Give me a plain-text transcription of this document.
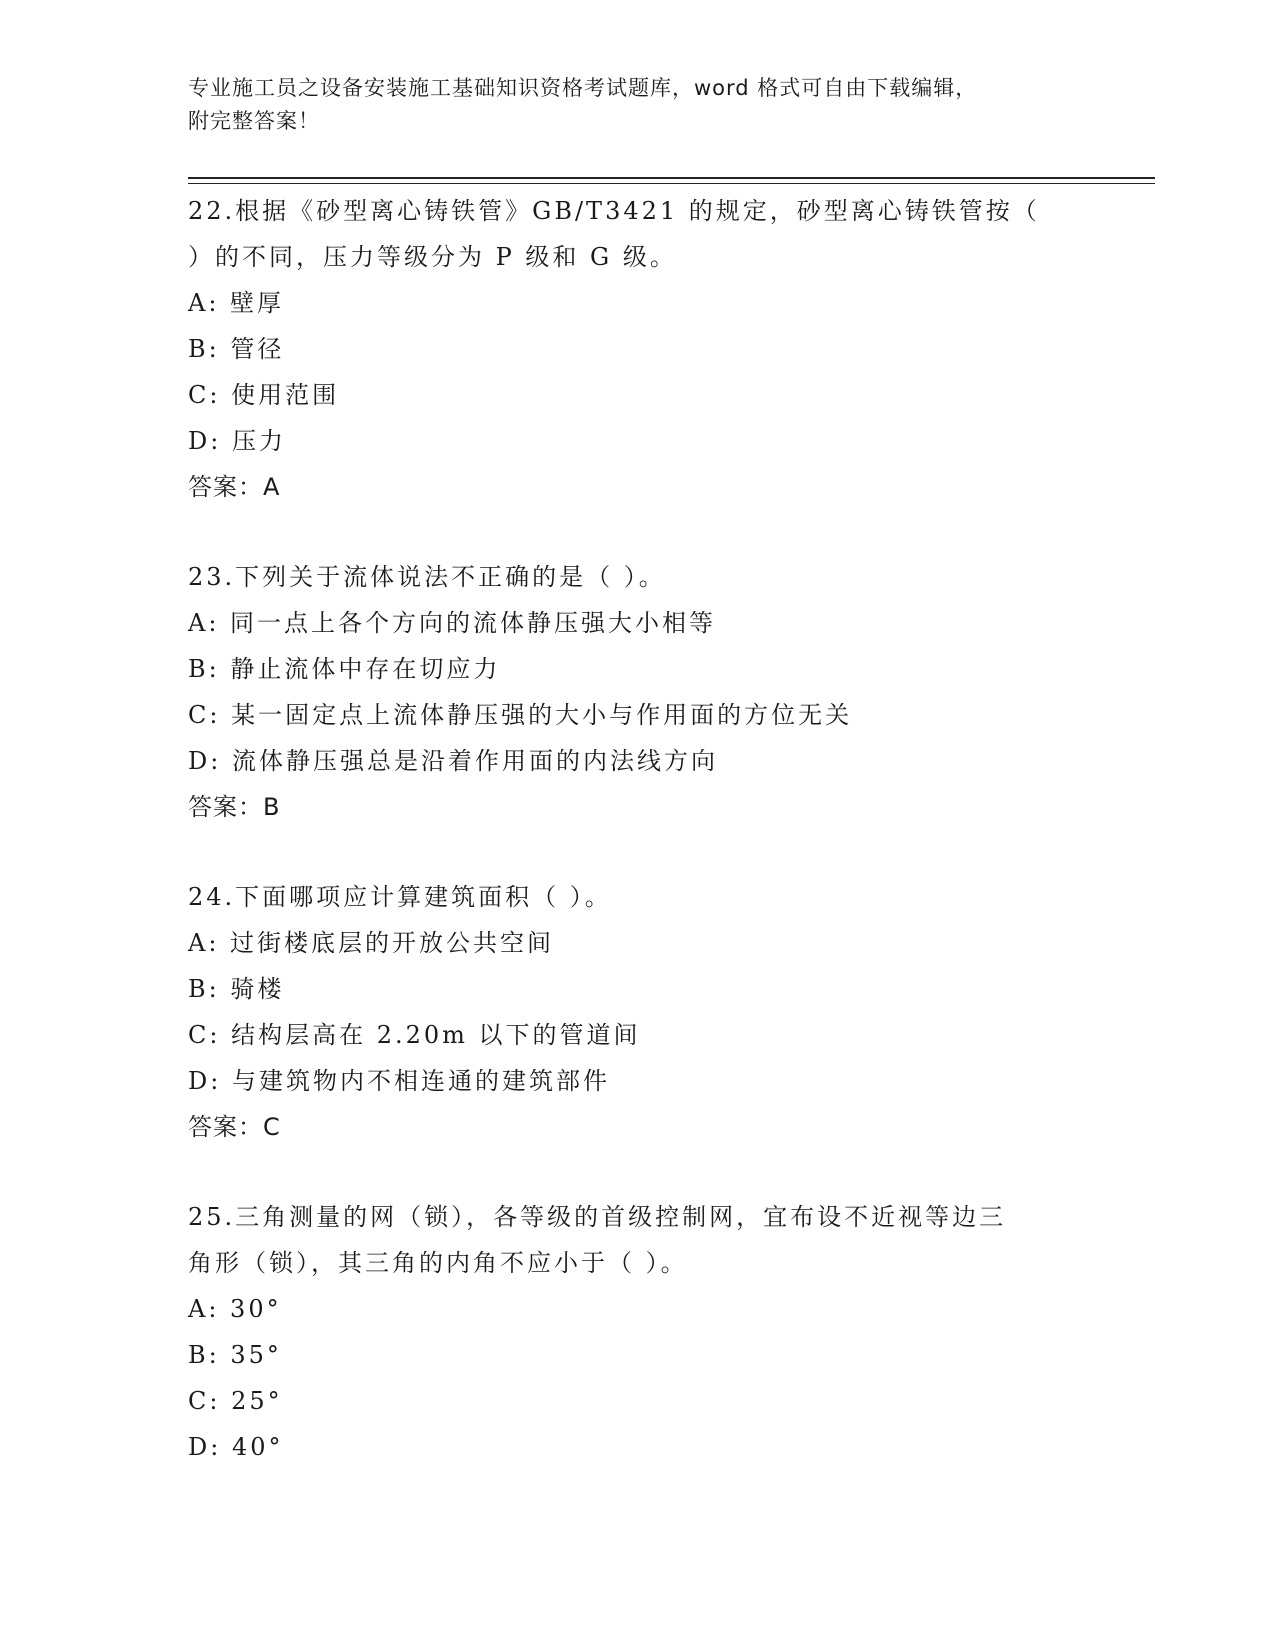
专业施工员之设备安装施工基础知识资格考试题库，word 格式可自由下载编辑，
附完整答案！
22.根据《砂型离心铸铁管》GB/T3421 的规定，砂型离心铸铁管按（
）的不同，压力等级分为 P 级和 G 级。
A: 壁厚
B: 管径
C: 使用范围
D: 压力
答案：A
23.下列关于流体说法不正确的是（ ）。
A: 同一点上各个方向的流体静压强大小相等
B: 静止流体中存在切应力
C: 某一固定点上流体静压强的大小与作用面的方位无关
D: 流体静压强总是沿着作用面的内法线方向
答案：B
24.下面哪项应计算建筑面积（ ）。
A: 过街楼底层的开放公共空间
B: 骑楼
C: 结构层高在 2.20m 以下的管道间
D: 与建筑物内不相连通的建筑部件
答案：C
25.三角测量的网（锁），各等级的首级控制网，宜布设不近视等边三
角形（锁），其三角的内角不应小于（ ）。
A: 30°
B: 35°
C: 25°
D: 40°
